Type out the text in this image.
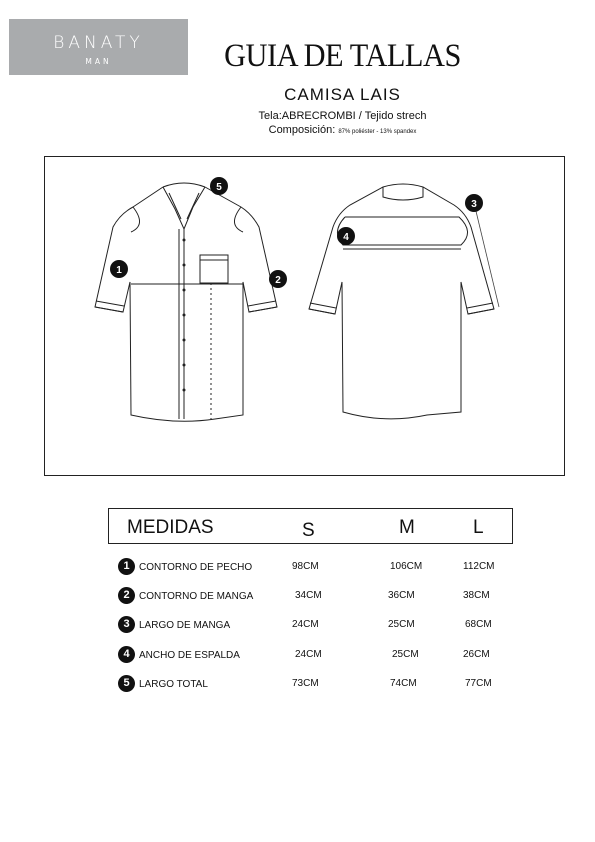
BANATY
MAN	GUIA DE TALLAS
CAMISA LAIS
Tela:ABRECROMBI / Tejido strech
Composición: 87% poliéster - 13% spandex
1
2
3
4
5
MEDIDAS	S	M	L
1 CONTORNO DE PECHO	98CM	106CM	112CM
2 CONTORNO DE MANGA	34CM	36CM	38CM
3 LARGO DE MANGA	24CM	25CM	68CM
4 ANCHO DE ESPALDA	24CM	25CM	26CM
5 LARGO TOTAL	73CM	74CM	77CM
